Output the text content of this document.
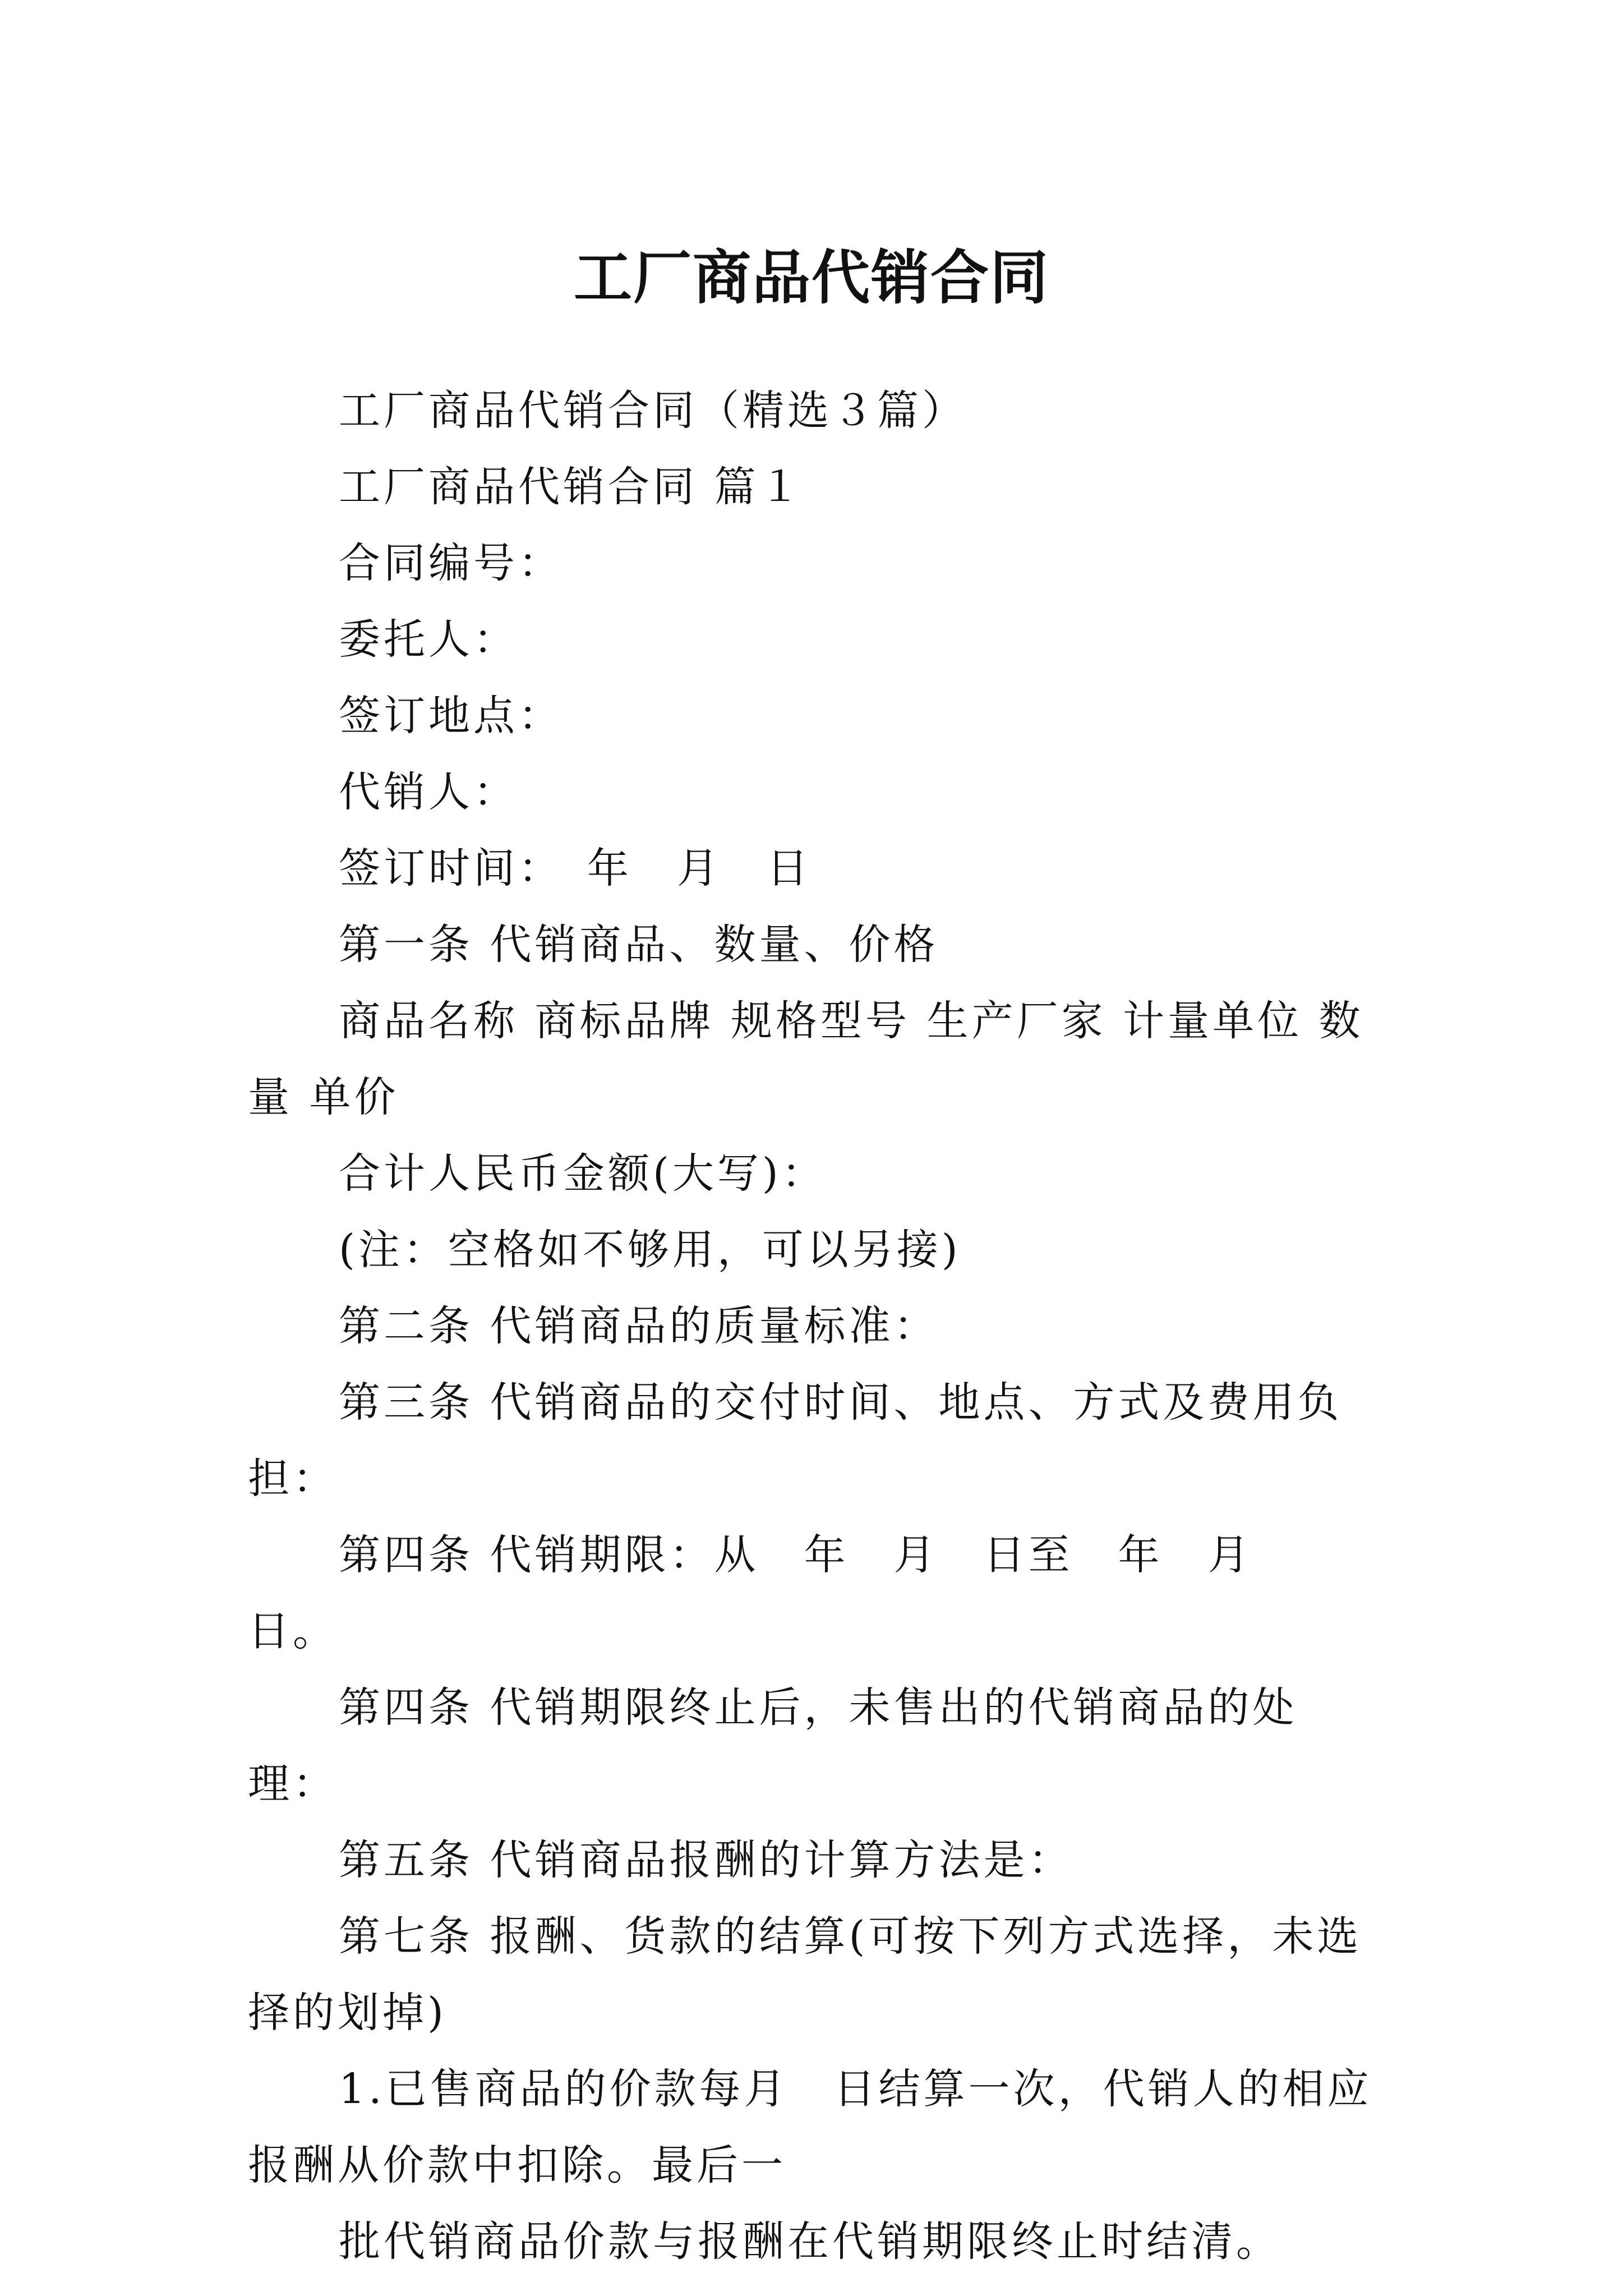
工厂商品代销合同

工厂商品代销合同（精选３篇）

工厂商品代销合同 篇１

合同编号：

委托人：

签订地点：

代销人：

签订时间：　年　月　日

第一条 代销商品、数量、价格

商品名称 商标品牌 规格型号 生产厂家 计量单位 数量 单价

合计人民币金额(大写)：

(注：空格如不够用，可以另接)

第二条 代销商品的质量标准：

第三条 代销商品的交付时间、地点、方式及费用负担：

第四条 代销期限：从　年　月　日至　年　月　日。

第四条 代销期限终止后，未售出的代销商品的处理：

第五条 代销商品报酬的计算方法是：

第七条 报酬、货款的结算(可按下列方式选择，未选择的划掉)

1.已售商品的价款每月　日结算一次，代销人的相应报酬从价款中扣除。最后一

批代销商品价款与报酬在代销期限终止时结清。
